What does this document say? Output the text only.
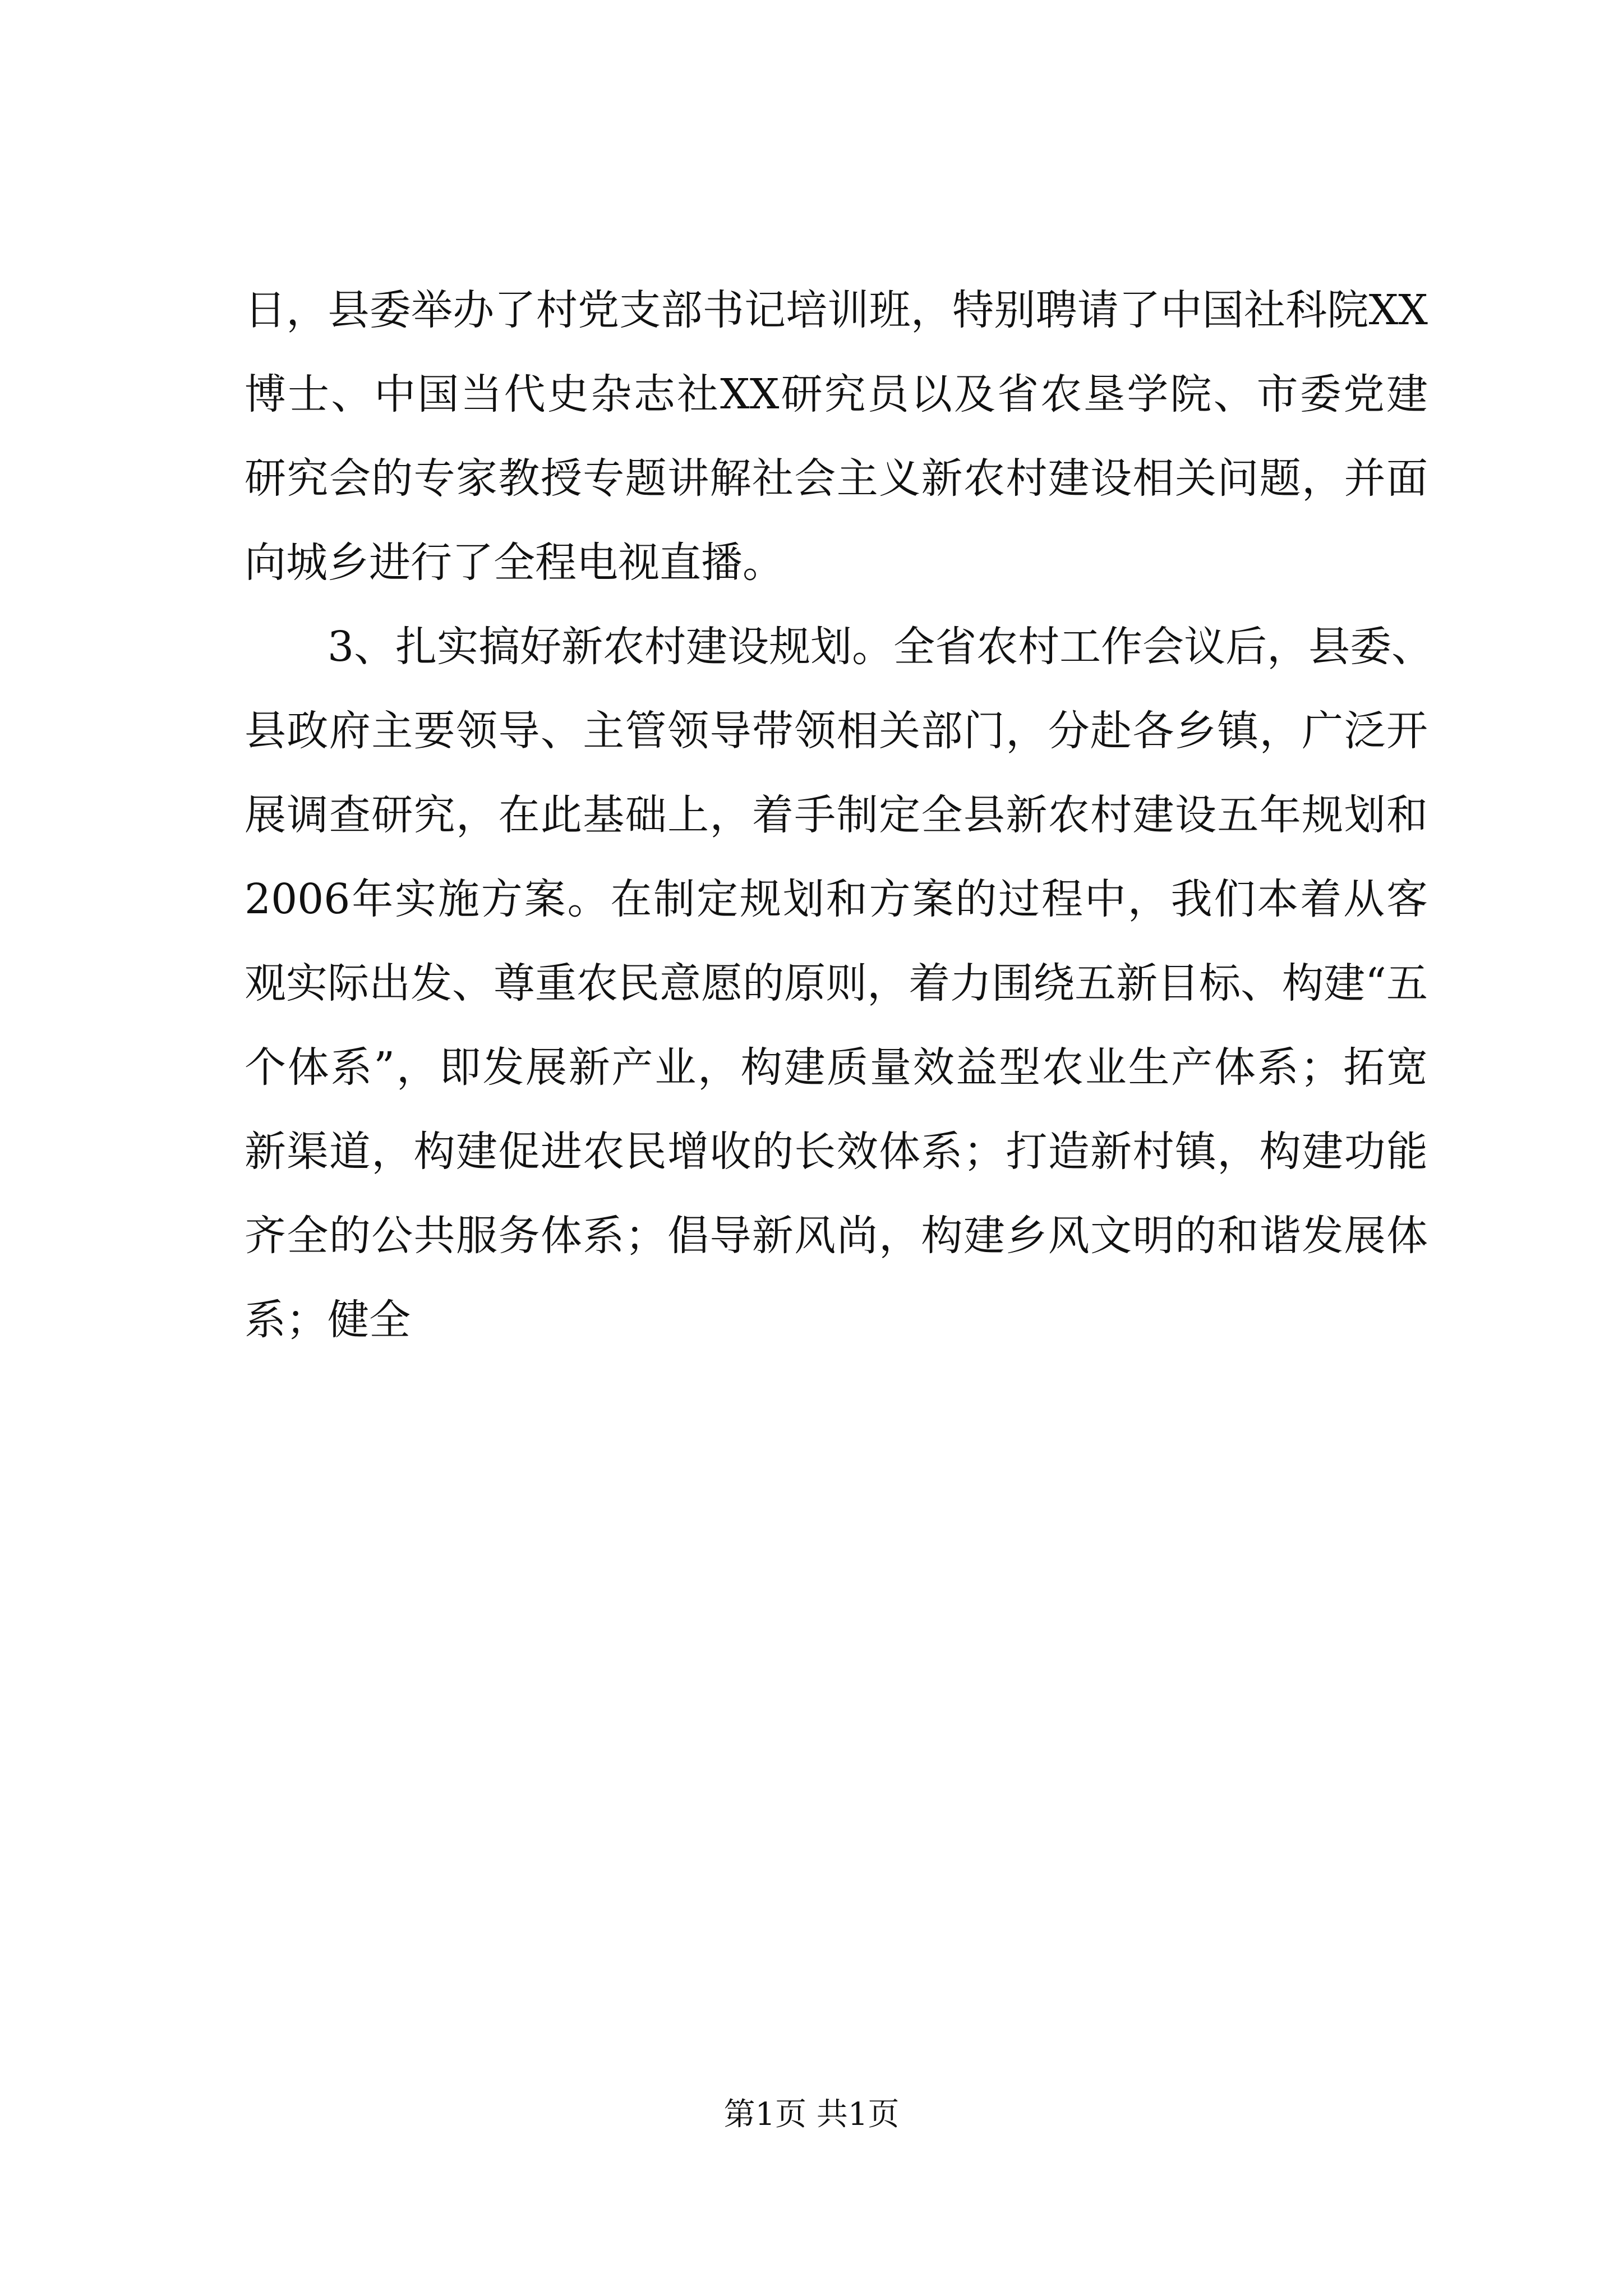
日，县委举办了村党支部书记培训班，特别聘请了中国社科院XX
博士、中国当代史杂志社XX研究员以及省农垦学院、市委党建
研究会的专家教授专题讲解社会主义新农村建设相关问题，并面
向城乡进行了全程电视直播。
3、扎实搞好新农村建设规划。全省农村工作会议后，县委、
县政府主要领导、主管领导带领相关部门，分赴各乡镇，广泛开
展调查研究，在此基础上，着手制定全县新农村建设五年规划和
2006年实施方案。在制定规划和方案的过程中，我们本着从客
观实际出发、尊重农民意愿的原则，着力围绕五新目标、构建“五
个体系”，即发展新产业，构建质量效益型农业生产体系；拓宽
新渠道，构建促进农民增收的长效体系；打造新村镇，构建功能
齐全的公共服务体系；倡导新风尚，构建乡风文明的和谐发展体
系；健全
第1页 共1页
